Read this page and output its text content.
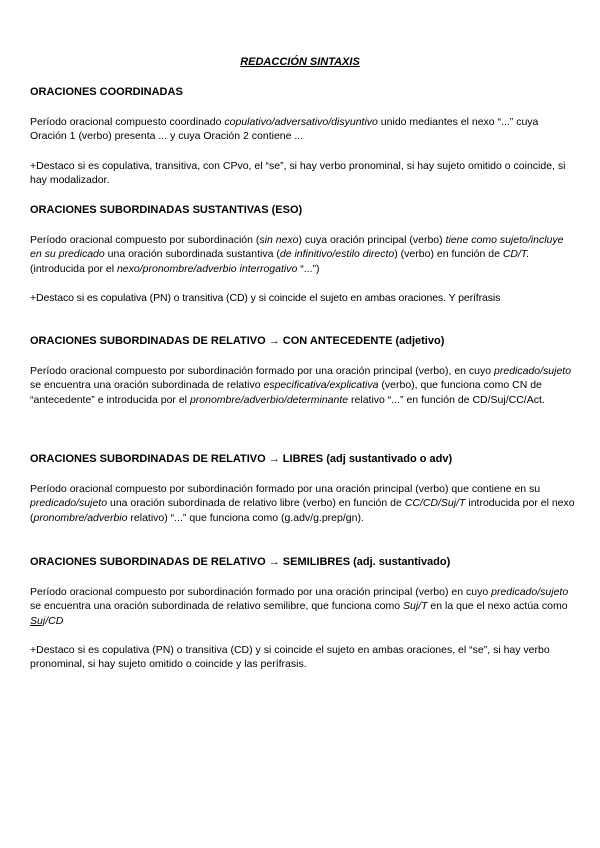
REDACCIÓN SINTAXIS
ORACIONES COORDINADAS
Período oracional compuesto coordinado copulativo/adversativo/disyuntivo unido mediantes el nexo “...” cuya Oración 1 (verbo) presenta ... y cuya Oración 2 contiene ...
+Destaco si es copulativa, transitiva, con CPvo, el “se”, si hay verbo pronominal, si hay sujeto omitido o coincide, si hay modalizador.
ORACIONES SUBORDINADAS SUSTANTIVAS (ESO)
Período oracional compuesto por subordinación (sin nexo) cuya oración principal (verbo) tiene como sujeto/incluye en su predicado una oración subordinada sustantiva (de infinitivo/estilo directo) (verbo) en función de CD/T. (introducida por el nexo/pronombre/adverbio interrogativo “...”)
+Destaco si es copulativa (PN) o transitiva (CD) y si coincide el sujeto en ambas oraciones. Y perífrasis
ORACIONES SUBORDINADAS DE RELATIVO → CON ANTECEDENTE (adjetivo)
Período oracional compuesto por subordinación formado por una oración principal (verbo), en cuyo predicado/sujeto se encuentra una oración subordinada de relativo especificativa/explicativa (verbo), que funciona como CN de “antecedente” e introducida por el pronombre/adverbio/determinante relativo “...” en función de CD/Suj/CC/Act.
ORACIONES SUBORDINADAS DE RELATIVO → LIBRES (adj sustantivado o adv)
Período oracional compuesto por subordinación formado por una oración principal (verbo) que contiene en su predicado/sujeto una oración subordinada de relativo libre (verbo) en función de CC/CD/Suj/T introducida por el nexo (pronombre/adverbio relativo) “...” que funciona como (g.adv/g.prep/gn).
ORACIONES SUBORDINADAS DE RELATIVO → SEMILIBRES (adj. sustantivado)
Período oracional compuesto por subordinación formado por una oración principal (verbo) en cuyo predicado/sujeto se encuentra una oración subordinada de relativo semilibre, que funciona como Suj/T en la que el nexo actúa como Suj/CD
+Destaco si es copulativa (PN) o transitiva (CD) y si coincide el sujeto en ambas oraciones, el “se”, si hay verbo pronominal, si hay sujeto omitido o coincide y las perífrasis.
